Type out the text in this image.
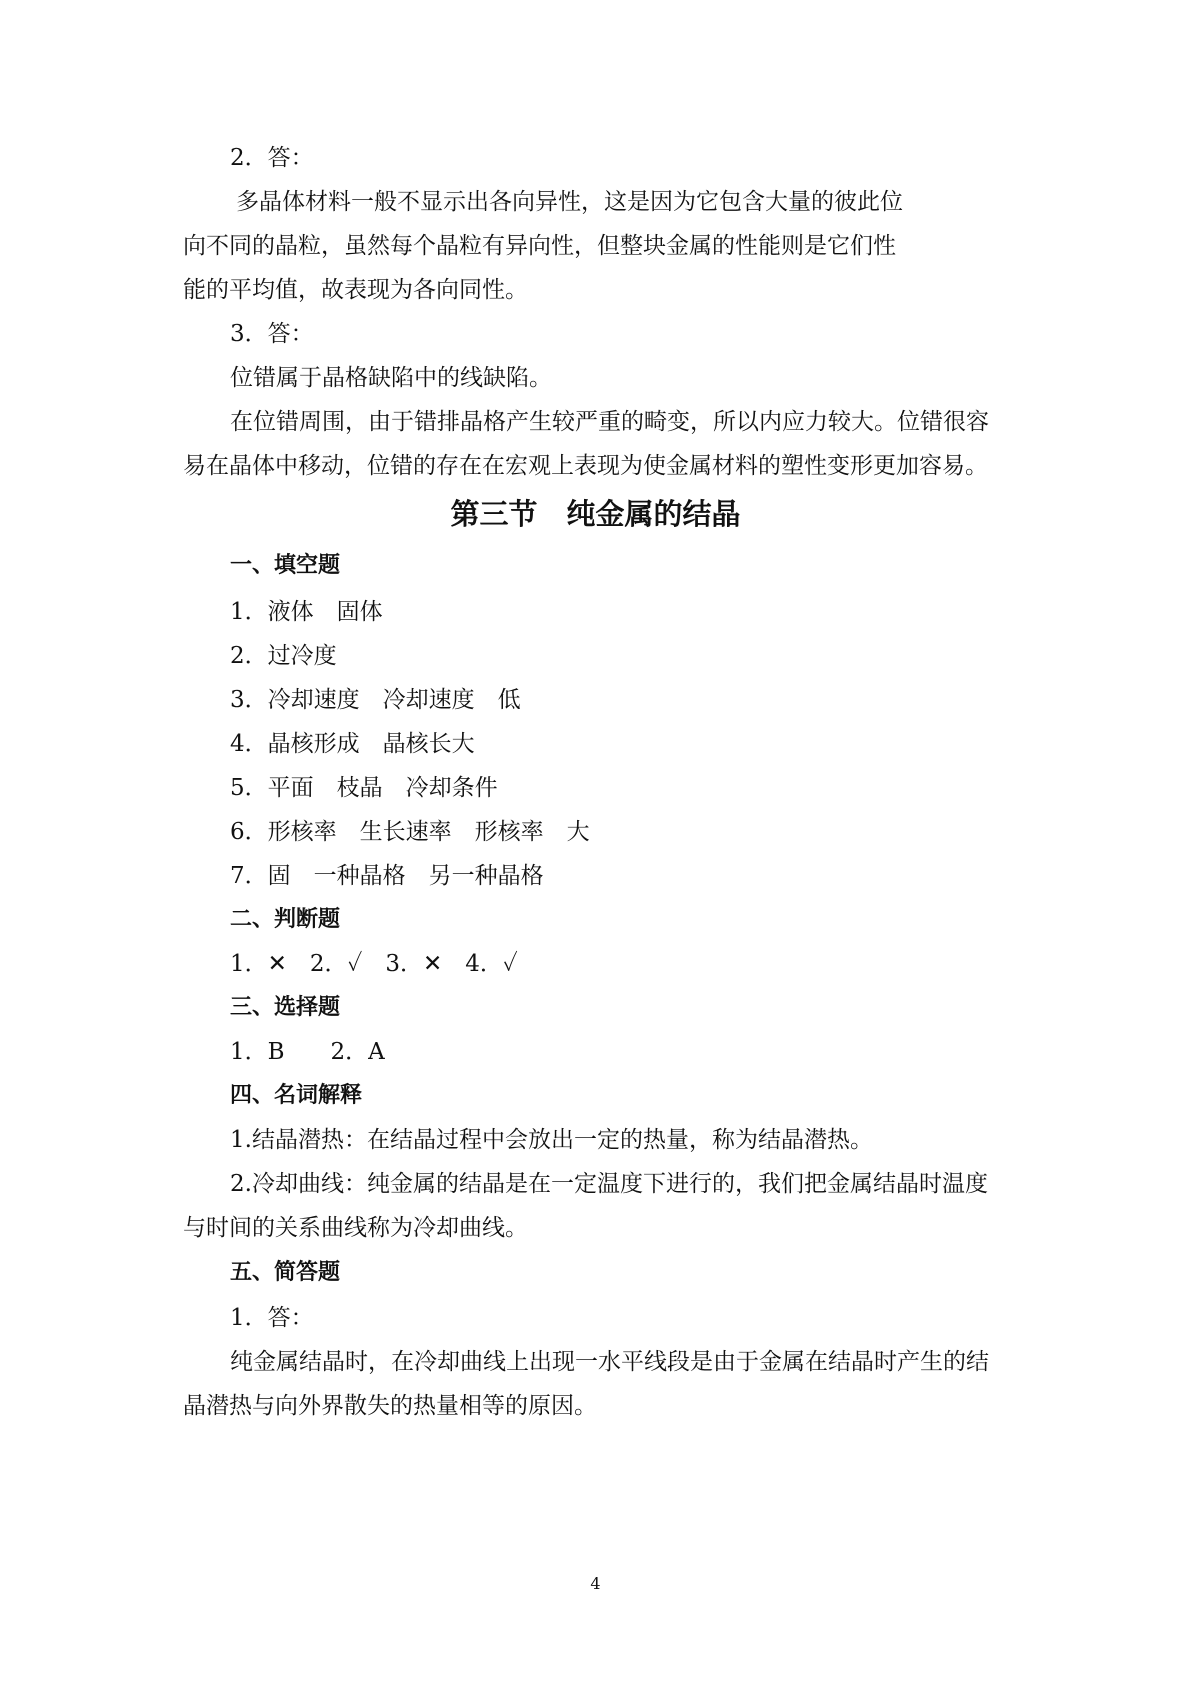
2．答：
多晶体材料一般不显示出各向异性，这是因为它包含大量的彼此位
向不同的晶粒，虽然每个晶粒有异向性，但整块金属的性能则是它们性
能的平均值，故表现为各向同性。
3．答：
位错属于晶格缺陷中的线缺陷。
在位错周围，由于错排晶格产生较严重的畸变，所以内应力较大。位错很容
易在晶体中移动，位错的存在在宏观上表现为使金属材料的塑性变形更加容易。
第三节　纯金属的结晶
一、填空题
1．液体　固体
2．过冷度
3．冷却速度　冷却速度　低
4．晶核形成　晶核长大
5．平面　枝晶　冷却条件
6．形核率　生长速率　形核率　大
7．固　一种晶格　另一种晶格
二、判断题
1．✕　2．✓　3．✕　4．✓
三、选择题
1．B　　2．A
四、名词解释
1.结晶潜热：在结晶过程中会放出一定的热量，称为结晶潜热。
2.冷却曲线：纯金属的结晶是在一定温度下进行的，我们把金属结晶时温度
与时间的关系曲线称为冷却曲线。
五、简答题
1．答：
纯金属结晶时，在冷却曲线上出现一水平线段是由于金属在结晶时产生的结
晶潜热与向外界散失的热量相等的原因。
4
